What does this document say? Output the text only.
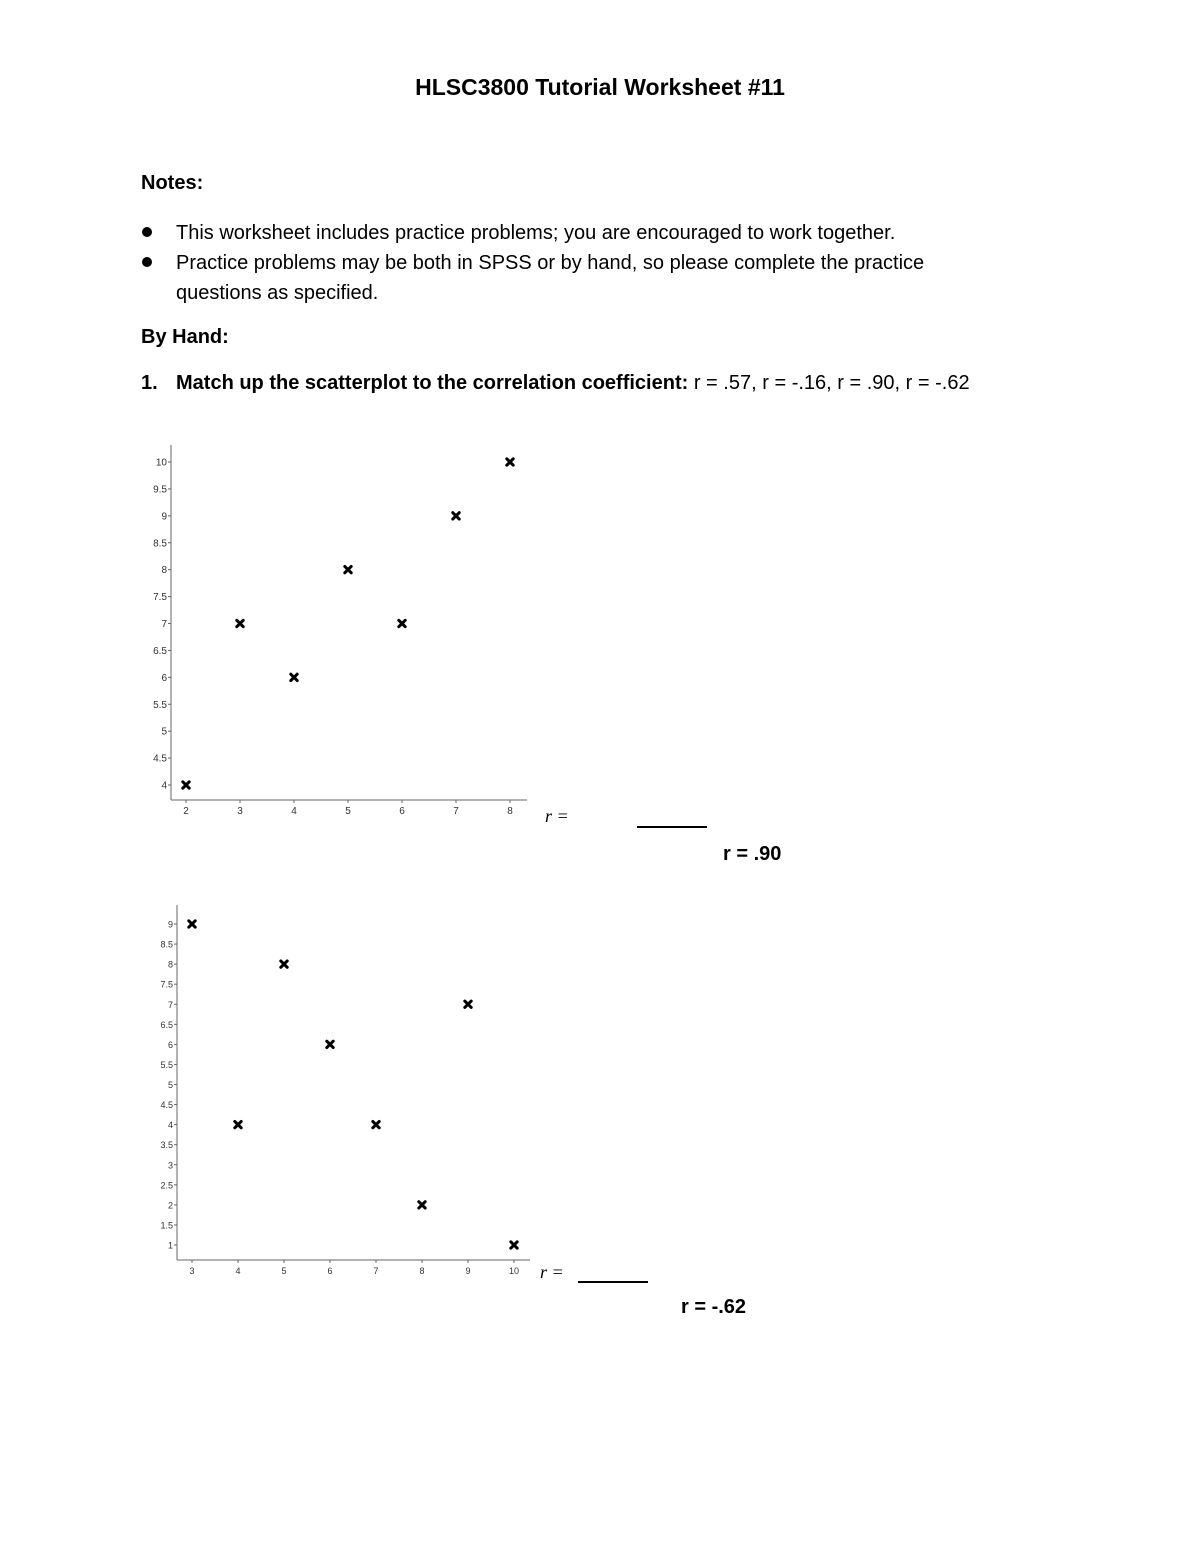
HLSC3800 Tutorial Worksheet #11
Notes:
This worksheet includes practice problems; you are encouraged to work together.
Practice problems may be both in SPSS or by hand, so please complete the practice questions as specified.
By Hand:
1. Match up the scatterplot to the correlation coefficient: r = .57, r = -.16, r = .90, r = -.62
4
4.5
5
5.5
6
6.5
7
7.5
8
8.5
9
9.5
10
2	3	4	5	6	7	8 r =
r = .90
1
1.5
2
2.5
3
3.5
4
4.5
5
5.5
6
6.5
7
7.5
8
8.5
9
3	4	5	6	7	8	9	10 r =
r = -.62
